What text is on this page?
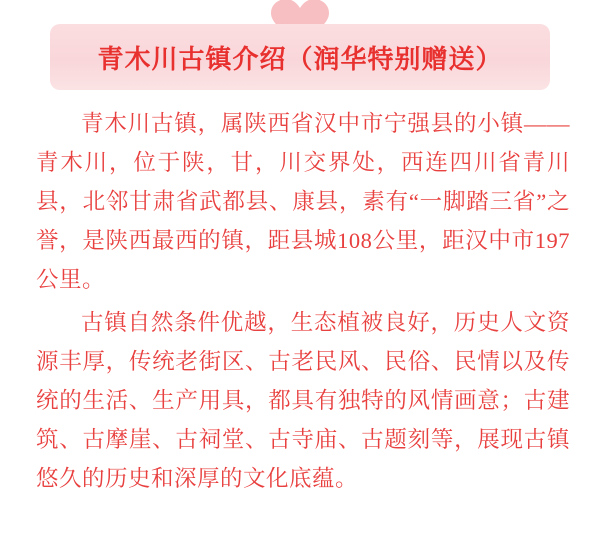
青木川古镇介绍（润华特别赠送）

青木川古镇，属陕西省汉中市宁强县的小镇——青木川，位于陕，甘，川交界处，西连四川省青川县，北邻甘肃省武都县、康县，素有“一脚踏三省”之誉，是陕西最西的镇，距县城108公里，距汉中市197公里。

古镇自然条件优越，生态植被良好，历史人文资源丰厚，传统老街区、古老民风、民俗、民情以及传统的生活、生产用具，都具有独特的风情画意；古建筑、古摩崖、古祠堂、古寺庙、古题刻等，展现古镇悠久的历史和深厚的文化底蕴。
